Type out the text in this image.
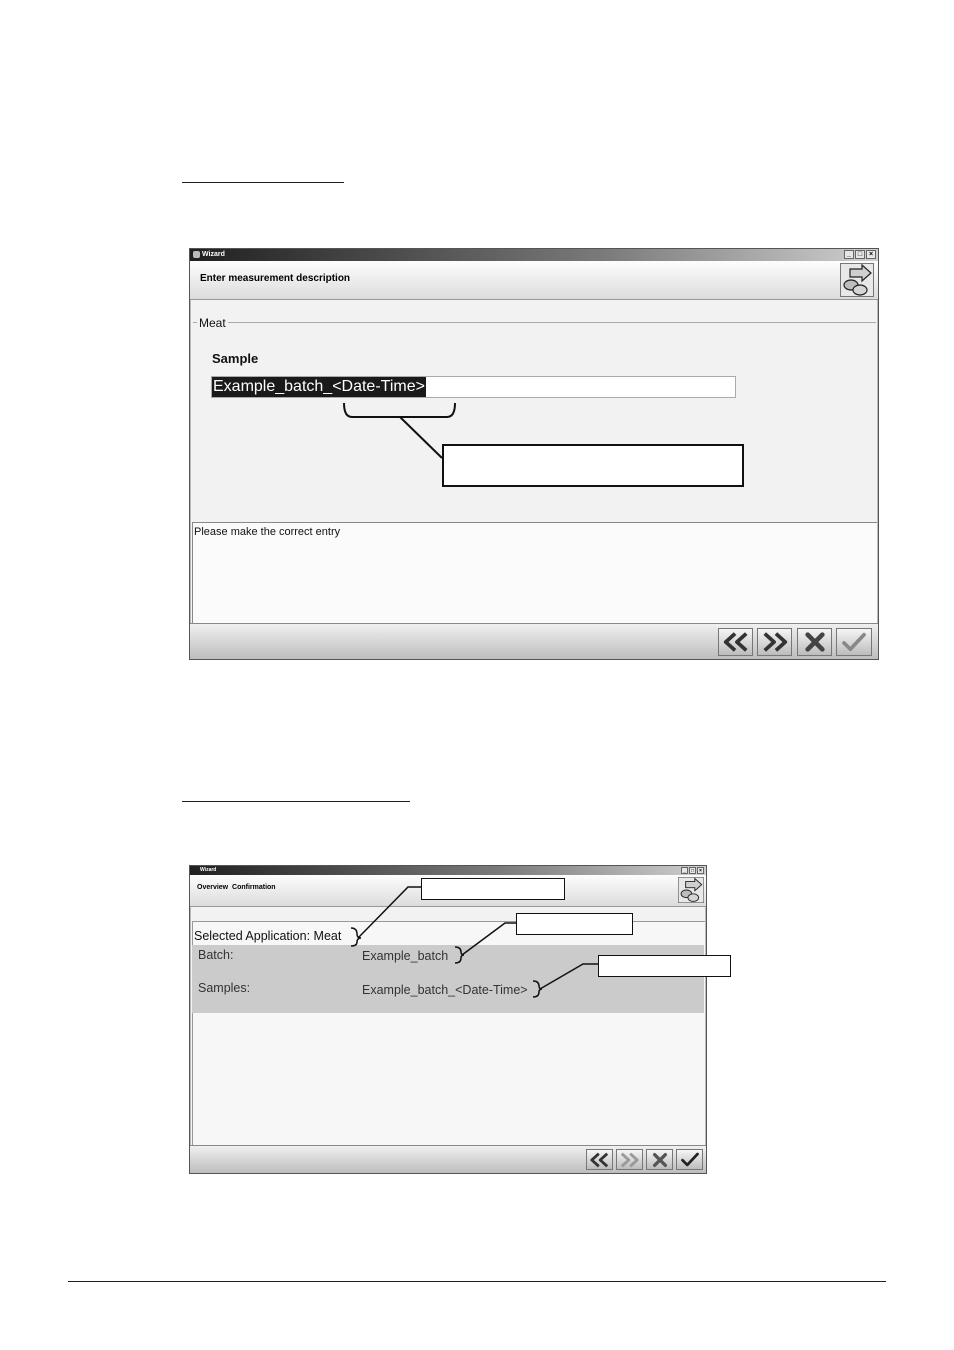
Wizard	_ □ ×
Enter measurement description
Meat
Sample
Example_batch_<Date-Time>
Please make the correct entry
Wizard	_	□	×
Overview  Confirmation
Selected Application: Meat
Batch:	Example_batch
Samples:	Example_batch_<Date-Time>
